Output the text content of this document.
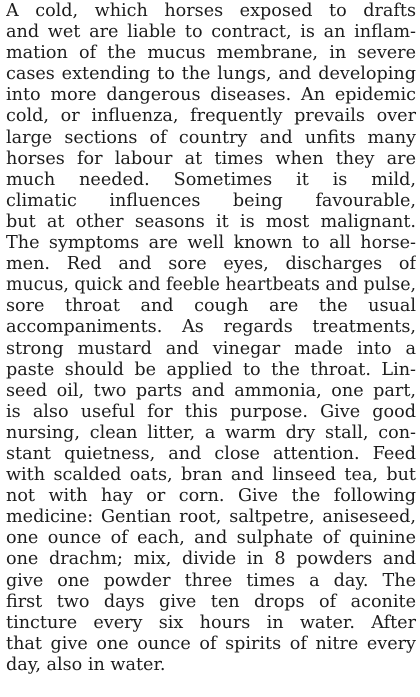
A cold, which horses exposed to drafts
and wet are liable to contract, is an inflam-
mation of the mucus membrane, in severe
cases extending to the lungs, and developing
into more dangerous diseases. An epidemic
cold, or influenza, frequently prevails over
large sections of country and unfits many
horses for labour at times when they are
much needed. Sometimes it is mild,
climatic influences being favourable,
but at other seasons it is most malignant.
The symptoms are well known to all horse-
men. Red and sore eyes, discharges of
mucus, quick and feeble heartbeats and pulse,
sore throat and cough are the usual
accompaniments. As regards treatments,
strong mustard and vinegar made into a
paste should be applied to the throat. Lin-
seed oil, two parts and ammonia, one part,
is also useful for this purpose. Give good
nursing, clean litter, a warm dry stall, con-
stant quietness, and close attention. Feed
with scalded oats, bran and linseed tea, but
not with hay or corn. Give the following
medicine: Gentian root, saltpetre, aniseseed,
one ounce of each, and sulphate of quinine
one drachm; mix, divide in 8 powders and
give one powder three times a day. The
first two days give ten drops of aconite
tincture every six hours in water. After
that give one ounce of spirits of nitre every
day, also in water.
